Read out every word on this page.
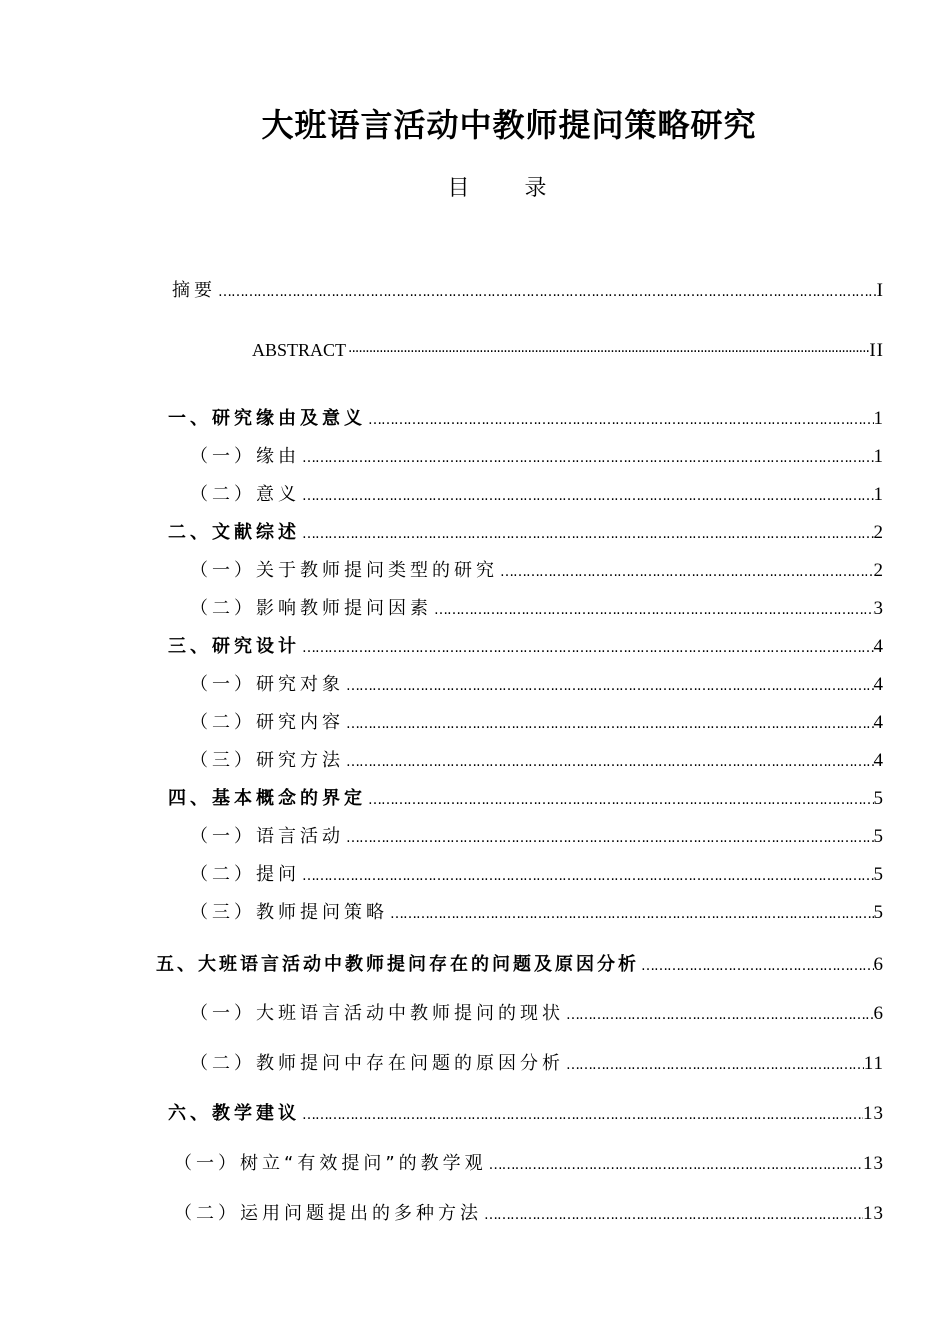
大班语言活动中教师提问策略研究
目 录
摘要 ………………………………………………………………………………………………………………………………………………………………………………………………………………	I
ABSTRACT ·····	II
一、研究缘由及意义 ………………………………………………………………………………………………………………………………………………………………………………………………………………	1
（一）缘由 ………………………………………………………………………………………………………………………………………………………………………………………………………………	1
（二）意义 ………………………………………………………………………………………………………………………………………………………………………………………………………………	1
二、文献综述 ………………………………………………………………………………………………………………………………………………………………………………………………………………	2
（一）关于教师提问类型的研究 ………………………………………………………………………………………………………………………………………………………………………………………………………………	2
（二）影响教师提问因素 ………………………………………………………………………………………………………………………………………………………………………………………………………………	3
三、研究设计 ………………………………………………………………………………………………………………………………………………………………………………………………………………	4
（一）研究对象 ………………………………………………………………………………………………………………………………………………………………………………………………………………	4
（二）研究内容 ………………………………………………………………………………………………………………………………………………………………………………………………………………	4
（三）研究方法 ………………………………………………………………………………………………………………………………………………………………………………………………………………	4
四、基本概念的界定 ………………………………………………………………………………………………………………………………………………………………………………………………………………	5
（一）语言活动 ………………………………………………………………………………………………………………………………………………………………………………………………………………	5
（二）提问 ………………………………………………………………………………………………………………………………………………………………………………………………………………	5
（三）教师提问策略 ………………………………………………………………………………………………………………………………………………………………………………………………………………	5
五、大班语言活动中教师提问存在的问题及原因分析 ………………………………………………………………………………………………………………………………………………………………………………………………………………	6
（一）大班语言活动中教师提问的现状 ………………………………………………………………………………………………………………………………………………………………………………………………………………	6
（二）教师提问中存在问题的原因分析 ………………………………………………………………………………………………………………………………………………………………………………………………………………	11
六、教学建议 ………………………………………………………………………………………………………………………………………………………………………………………………………………	13
（一）树立“有效提问”的教学观 ………………………………………………………………………………………………………………………………………………………………………………………………………………	13
（二）运用问题提出的多种方法 ………………………………………………………………………………………………………………………………………………………………………………………………………………	13
